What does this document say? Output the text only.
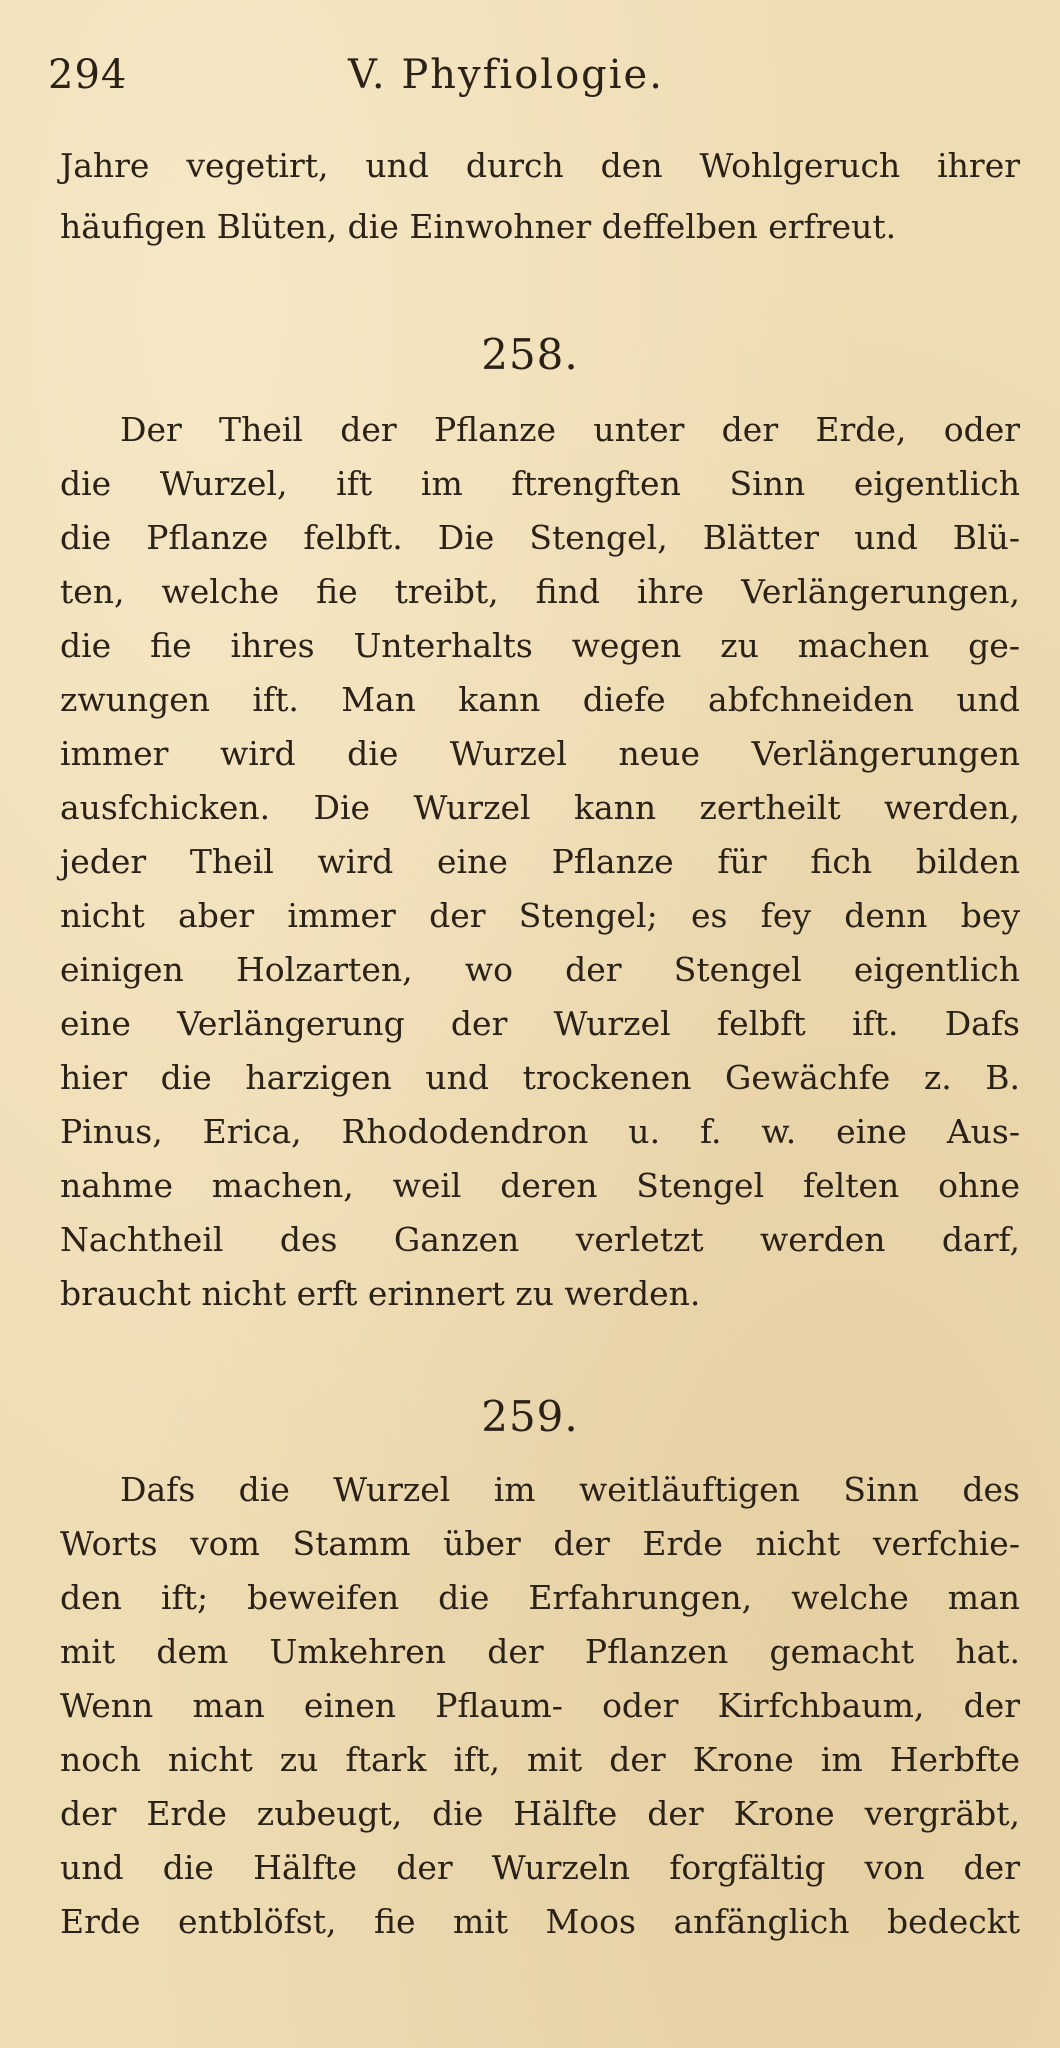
294	V. Phyfiologie.
Jahre vegetirt, und durch den Wohlgeruch ihrer
häufigen Blüten, die Einwohner deffelben erfreut.
258.
Der Theil der Pflanze unter der Erde, oder
die Wurzel, ift im ftrengften Sinn eigentlich
die Pflanze felbft. Die Stengel, Blätter und Blü-
ten, welche fie treibt, find ihre Verlängerungen,
die fie ihres Unterhalts wegen zu machen ge-
zwungen ift. Man kann diefe abfchneiden und
immer wird die Wurzel neue Verlängerungen
ausfchicken. Die Wurzel kann zertheilt werden,
jeder Theil wird eine Pflanze für fich bilden
nicht aber immer der Stengel; es fey denn bey
einigen Holzarten, wo der Stengel eigentlich
eine Verlängerung der Wurzel felbft ift. Dafs
hier die harzigen und trockenen Gewächfe z. B.
Pinus, Erica, Rhododendron u. f. w. eine Aus-
nahme machen, weil deren Stengel felten ohne
Nachtheil des Ganzen verletzt werden darf,
braucht nicht erft erinnert zu werden.
259.
Dafs die Wurzel im weitläuftigen Sinn des
Worts vom Stamm über der Erde nicht verfchie-
den ift; beweifen die Erfahrungen, welche man
mit dem Umkehren der Pflanzen gemacht hat.
Wenn man einen Pflaum- oder Kirfchbaum, der
noch nicht zu ftark ift, mit der Krone im Herbfte
der Erde zubeugt, die Hälfte der Krone vergräbt,
und die Hälfte der Wurzeln forgfältig von der
Erde entblöfst, fie mit Moos anfänglich bedeckt
